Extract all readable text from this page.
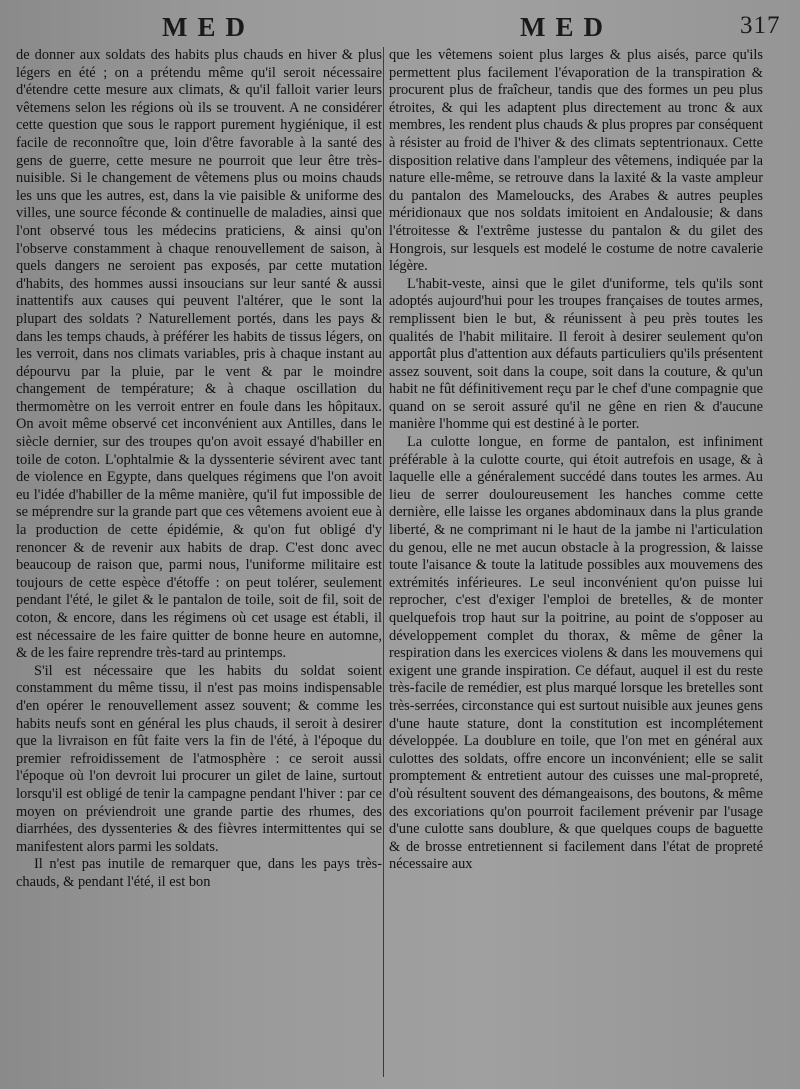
MED	MED	317

de donner aux soldats des habits plus chauds en hiver & plus légers en été ; on a prétendu même qu'il seroit nécessaire d'étendre cette mesure aux climats, & qu'il falloit varier leurs vêtemens selon les régions où ils se trouvent. A ne considérer cette question que sous le rapport purement hygiénique, il est facile de reconnoître que, loin d'être favorable à la santé des gens de guerre, cette mesure ne pourroit que leur être très-nuisible. Si le changement de vêtemens plus ou moins chauds les uns que les autres, est, dans la vie paisible & uniforme des villes, une source féconde & continuelle de maladies, ainsi que l'ont observé tous les médecins praticiens, & ainsi qu'on l'observe constamment à chaque renouvellement de saison, à quels dangers ne seroient pas exposés, par cette mutation d'habits, des hommes aussi insoucians sur leur santé & aussi inattentifs aux causes qui peuvent l'altérer, que le sont la plupart des soldats ? Naturellement portés, dans les pays & dans les temps chauds, à préférer les habits de tissus légers, on les verroit, dans nos climats variables, pris à chaque instant au dépourvu par la pluie, par le vent & par le moindre changement de température; & à chaque oscillation du thermomètre on les verroit entrer en foule dans les hôpitaux. On avoit même observé cet inconvénient aux Antilles, dans le siècle dernier, sur des troupes qu'on avoit essayé d'habiller en toile de coton. L'ophtalmie & la dyssenterie sévirent avec tant de violence en Egypte, dans quelques régimens que l'on avoit eu l'idée d'habiller de la même manière, qu'il fut impossible de se méprendre sur la grande part que ces vêtemens avoient eue à la production de cette épidémie, & qu'on fut obligé d'y renoncer & de revenir aux habits de drap. C'est donc avec beaucoup de raison que, parmi nous, l'uniforme militaire est toujours de cette espèce d'étoffe : on peut tolérer, seulement pendant l'été, le gilet & le pantalon de toile, soit de fil, soit de coton, & encore, dans les régimens où cet usage est établi, il est nécessaire de les faire quitter de bonne heure en automne, & de les faire reprendre très-tard au printemps.

S'il est nécessaire que les habits du soldat soient constamment du même tissu, il n'est pas moins indispensable d'en opérer le renouvellement assez souvent; & comme les habits neufs sont en général les plus chauds, il seroit à desirer que la livraison en fût faite vers la fin de l'été, à l'époque du premier refroidissement de l'atmosphère : ce seroit aussi l'époque où l'on devroit lui procurer un gilet de laine, surtout lorsqu'il est obligé de tenir la campagne pendant l'hiver : par ce moyen on préviendroit une grande partie des rhumes, des diarrhées, des dyssenteries & des fièvres intermittentes qui se manifestent alors parmi les soldats.

Il n'est pas inutile de remarquer que, dans les pays très-chauds, & pendant l'été, il est bon

que les vêtemens soient plus larges & plus aisés, parce qu'ils permettent plus facilement l'évaporation de la transpiration & procurent plus de fraîcheur, tandis que des formes un peu plus étroites, & qui les adaptent plus directement au tronc & aux membres, les rendent plus chauds & plus propres par conséquent à résister au froid de l'hiver & des climats septentrionaux. Cette disposition relative dans l'ampleur des vêtemens, indiquée par la nature elle-même, se retrouve dans la laxité & la vaste ampleur du pantalon des Mameloucks, des Arabes & autres peuples méridionaux que nos soldats imitoient en Andalousie; & dans l'étroitesse & l'extrême justesse du pantalon & du gilet des Hongrois, sur lesquels est modelé le costume de notre cavalerie légère.

L'habit-veste, ainsi que le gilet d'uniforme, tels qu'ils sont adoptés aujourd'hui pour les troupes françaises de toutes armes, remplissent bien le but, & réunissent à peu près toutes les qualités de l'habit militaire. Il feroit à desirer seulement qu'on apportât plus d'attention aux défauts particuliers qu'ils présentent assez souvent, soit dans la coupe, soit dans la couture, & qu'un habit ne fût définitivement reçu par le chef d'une compagnie que quand on se seroit assuré qu'il ne gêne en rien & d'aucune manière l'homme qui est destiné à le porter.

La culotte longue, en forme de pantalon, est infiniment préférable à la culotte courte, qui étoit autrefois en usage, & à laquelle elle a généralement succédé dans toutes les armes. Au lieu de serrer douloureusement les hanches comme cette dernière, elle laisse les organes abdominaux dans la plus grande liberté, & ne comprimant ni le haut de la jambe ni l'articulation du genou, elle ne met aucun obstacle à la progression, & laisse toute l'aisance & toute la latitude possibles aux mouvemens des extrémités inférieures. Le seul inconvénient qu'on puisse lui reprocher, c'est d'exiger l'emploi de bretelles, & de monter quelquefois trop haut sur la poitrine, au point de s'opposer au développement complet du thorax, & même de gêner la respiration dans les exercices violens & dans les mouvemens qui exigent une grande inspiration. Ce défaut, auquel il est du reste très-facile de remédier, est plus marqué lorsque les bretelles sont très-serrées, circonstance qui est surtout nuisible aux jeunes gens d'une haute stature, dont la constitution est incomplétement développée. La doublure en toile, que l'on met en général aux culottes des soldats, offre encore un inconvénient; elle se salit promptement & entretient autour des cuisses une mal-propreté, d'où résultent souvent des démangeaisons, des boutons, & même des excoriations qu'on pourroit facilement prévenir par l'usage d'une culotte sans doublure, & que quelques coups de baguette & de brosse entretiennent si facilement dans l'état de propreté nécessaire aux
